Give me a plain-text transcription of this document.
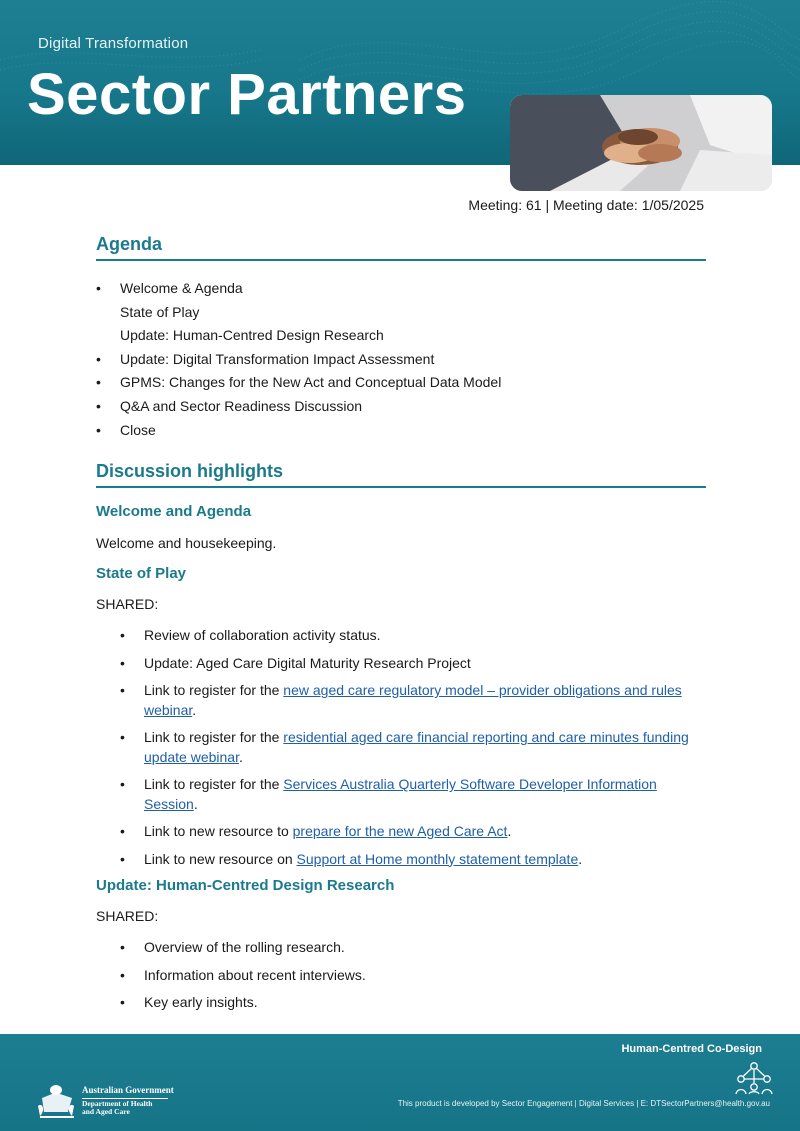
Digital Transformation
Sector Partners
Meeting: 61 | Meeting date: 1/05/2025
Agenda
• Welcome & Agenda
State of Play
Update: Human-Centred Design Research
• Update: Digital Transformation Impact Assessment
• GPMS: Changes for the New Act and Conceptual Data Model
• Q&A and Sector Readiness Discussion
• Close
Discussion highlights
Welcome and Agenda
Welcome and housekeeping.
State of Play
SHARED:
• Review of collaboration activity status.
• Update: Aged Care Digital Maturity Research Project
• Link to register for the new aged care regulatory model – provider obligations and rules webinar.
• Link to register for the residential aged care financial reporting and care minutes funding update webinar.
• Link to register for the Services Australia Quarterly Software Developer Information Session.
• Link to new resource to prepare for the new Aged Care Act.
• Link to new resource on Support at Home monthly statement template.
Update: Human-Centred Design Research
SHARED:
• Overview of the rolling research.
• Information about recent interviews.
• Key early insights.
Human-Centred Co-Design
Australian Government
Department of Health
and Aged Care
This product is developed by Sector Engagement | Digital Services | E: DTSectorPartners@health.gov.au
